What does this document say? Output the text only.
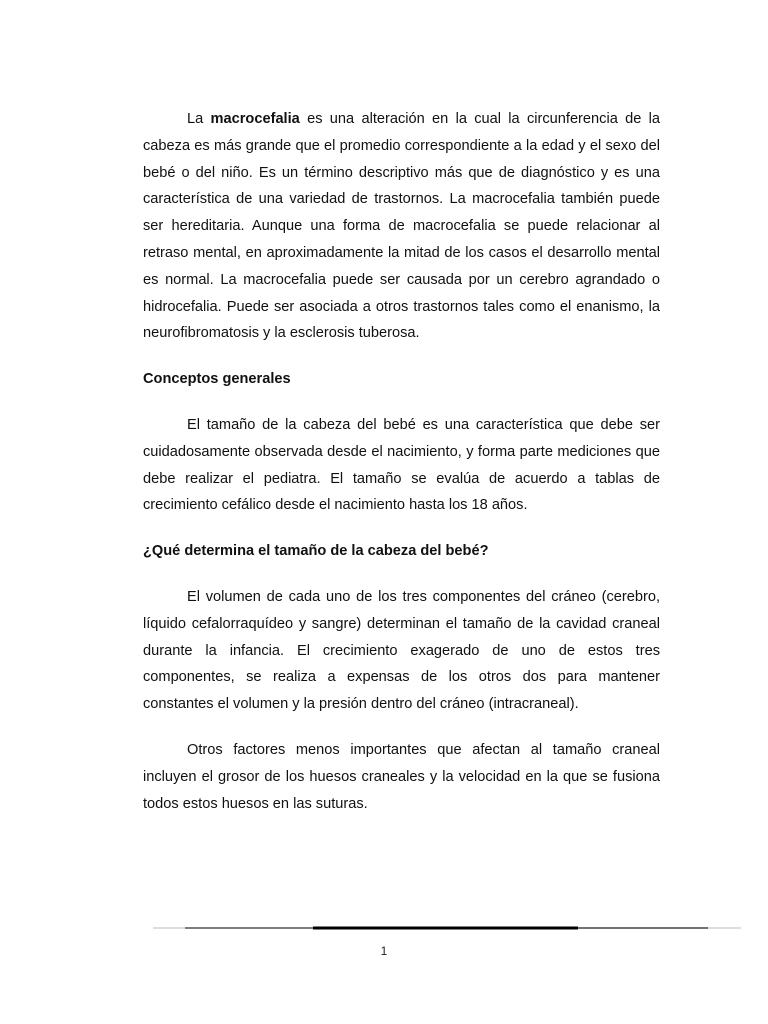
La macrocefalia es una alteración en la cual la circunferencia de la cabeza es más grande que el promedio correspondiente a la edad y el sexo del bebé o del niño. Es un término descriptivo más que de diagnóstico y es una característica de una variedad de trastornos. La macrocefalia también puede ser hereditaria. Aunque una forma de macrocefalia se puede relacionar al retraso mental, en aproximadamente la mitad de los casos el desarrollo mental es normal. La macrocefalia puede ser causada por un cerebro agrandado o hidrocefalia. Puede ser asociada a otros trastornos tales como el enanismo, la neurofibromatosis y la esclerosis tuberosa.

Conceptos generales

El tamaño de la cabeza del bebé es una característica que debe ser cuidadosamente observada desde el nacimiento, y forma parte mediciones que debe realizar el pediatra. El tamaño se evalúa de acuerdo a tablas de crecimiento cefálico desde el nacimiento hasta los 18 años.

¿Qué determina el tamaño de la cabeza del bebé?

El volumen de cada uno de los tres componentes del cráneo (cerebro, líquido cefalorraquídeo y sangre) determinan el tamaño de la cavidad craneal durante la infancia. El crecimiento exagerado de uno de estos tres componentes, se realiza a expensas de los otros dos para mantener constantes el volumen y la presión dentro del cráneo (intracraneal).

Otros factores menos importantes que afectan al tamaño craneal incluyen el grosor de los huesos craneales y la velocidad en la que se fusiona todos estos huesos en las suturas.

1
